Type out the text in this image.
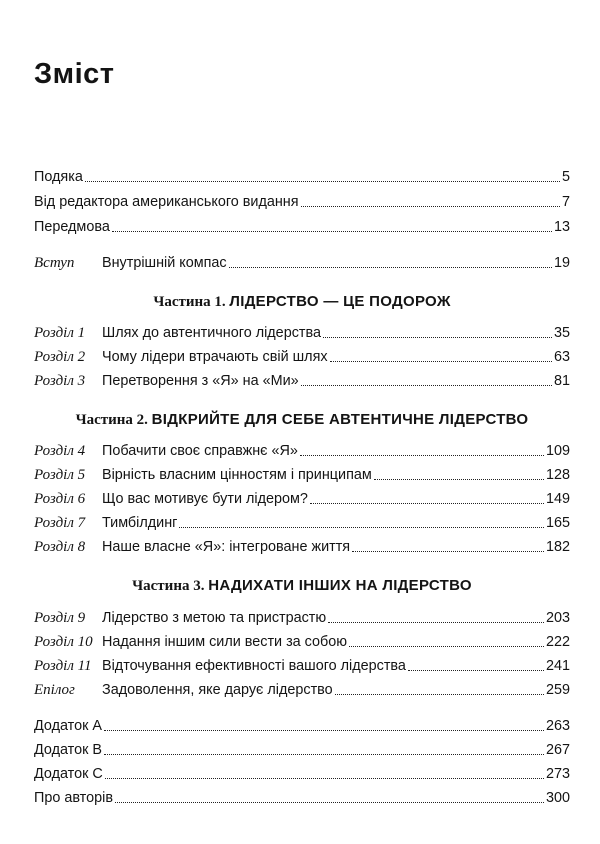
Зміст
Подяка	5
Від редактора американського видання	7
Передмова	13
Вступ	Внутрішній компас	19
Частина 1. ЛІДЕРСТВО — ЦЕ ПОДОРОЖ
Розділ 1	Шлях до автентичного лідерства	35
Розділ 2	Чому лідери втрачають свій шлях	63
Розділ 3	Перетворення з «Я» на «Ми»	81
Частина 2. ВІДКРИЙТЕ ДЛЯ СЕБЕ АВТЕНТИЧНЕ ЛІДЕРСТВО
Розділ 4	Побачити своє справжнє «Я»	109
Розділ 5	Вірність власним цінностям і принципам	128
Розділ 6	Що вас мотивує бути лідером?	149
Розділ 7	Тимбілдинг	165
Розділ 8	Наше власне «Я»: інтегроване життя	182
Частина 3. НАДИХАТИ ІНШИХ НА ЛІДЕРСТВО
Розділ 9	Лідерство з метою та пристрастю	203
Розділ 10 Надання іншим сили вести за собою	222
Розділ 11 Відточування ефективності вашого лідерства	241
Епілог	Задоволення, яке дарує лідерство	259
Додаток А	263
Додаток В	267
Додаток С	273
Про авторів	300
